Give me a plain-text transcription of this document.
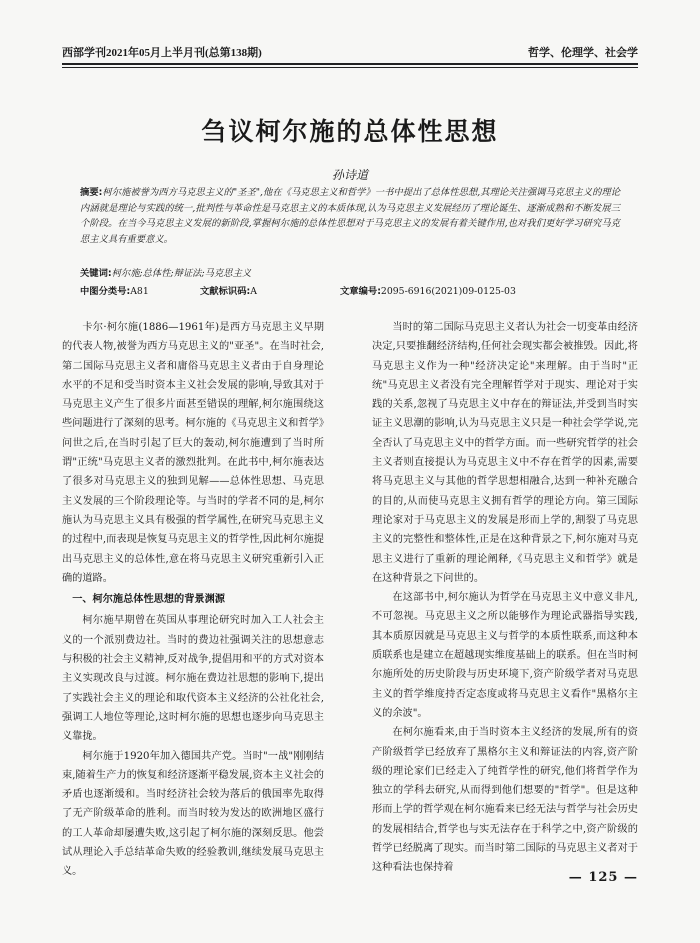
西部学刊2021年05月上半月刊(总第138期)	哲学、伦理学、社会学
刍议柯尔施的总体性思想
孙诗道
摘要:柯尔施被誉为西方马克思主义的"圣圣",他在《马克思主义和哲学》一书中提出了总体性思想,其理论关注强调马克思主义的理论内涵就是理论与实践的统一,批判性与革命性是马克思主义的本质体现,认为马克思主义发展经历了理论诞生、逐渐成熟和不断发展三个阶段。在当今马克思主义发展的新阶段,掌握柯尔施的总体性思想对于马克思主义的发展有着关键作用,也对我们更好学习研究马克思主义具有重要意义。
关键词:柯尔施;总体性;辩证法;马克思主义
中图分类号:A81	文献标识码:A	文章编号:2095-6916(2021)09-0125-03

卡尔·柯尔施(1886—1961年)是西方马克思主义早期的代表人物,被誉为西方马克思主义的"亚圣"。在当时社会,第二国际马克思主义者和庸俗马克思主义者由于自身理论水平的不足和受当时资本主义社会发展的影响,导致其对于马克思主义产生了很多片面甚至错误的理解,柯尔施围绕这些问题进行了深刻的思考。柯尔施的《马克思主义和哲学》问世之后,在当时引起了巨大的轰动,柯尔施遭到了当时所谓"正统"马克思主义者的激烈批判。在此书中,柯尔施表达了很多对马克思主义的独到见解——总体性思想、马克思主义发展的三个阶段理论等。与当时的学者不同的是,柯尔施认为马克思主义具有极强的哲学属性,在研究马克思主义的过程中,而表现是恢复马克思主义的哲学性,因此柯尔施提出马克思主义的总体性,意在将马克思主义研究重新引入正确的道路。

一、柯尔施总体性思想的背景渊源

柯尔施早期曾在英国从事理论研究时加入工人社会主义的一个派别费边社。当时的费边社强调关注的思想意志与积极的社会主义精神,反对战争,提倡用和平的方式对资本主义实现改良与过渡。柯尔施在费边社思想的影响下,提出了实践社会主义的理论和取代资本主义经济的公社化社会,强调工人地位等理论,这时柯尔施的思想也逐步向马克思主义靠拢。

柯尔施于1920年加入德国共产党。当时"一战"刚刚结束,随着生产力的恢复和经济逐渐平稳发展,资本主义社会的矛盾也逐渐缓和。当时经济社会较为落后的俄国率先取得了无产阶级革命的胜利。而当时较为发达的欧洲地区盛行的工人革命却屡遭失败,这引起了柯尔施的深刻反思。他尝试从理论入手总结革命失败的经验教训,继续发展马克思主义。

当时的第二国际马克思主义者认为社会一切变革由经济决定,只要推翻经济结构,任何社会现实都会被推毁。因此,将马克思主义作为一种"经济决定论"来理解。由于当时"正统"马克思主义者没有完全理解哲学对于现实、理论对于实践的关系,忽视了马克思主义中存在的辩证法,并受到当时实证主义思潮的影响,认为马克思主义只是一种社会学学说,完全否认了马克思主义中的哲学方面。而一些研究哲学的社会主义者则直接提认为马克思主义中不存在哲学的因素,需要将马克思主义与其他的哲学思想相融合,达到一种补充融合的目的,从而使马克思主义拥有哲学的理论方向。第三国际理论家对于马克思主义的发展是形而上学的,割裂了马克思主义的完整性和整体性,正是在这种背景之下,柯尔施对马克思主义进行了重新的理论阐释,《马克思主义和哲学》就是在这种背景之下问世的。

在这部书中,柯尔施认为哲学在马克思主义中意义非凡,不可忽视。马克思主义之所以能够作为理论武器指导实践,其本质原因就是马克思主义与哲学的本质性联系,而这种本质联系也是建立在超越现实维度基础上的联系。但在当时柯尔施所处的历史阶段与历史环境下,资产阶级学者对马克思主义的哲学维度持否定态度或将马克思主义看作"黑格尔主义的余波"。

在柯尔施看来,由于当时资本主义经济的发展,所有的资产阶级哲学已经放弃了黑格尔主义和辩证法的内容,资产阶级的理论家们已经走入了纯哲学性的研究,他们将哲学作为独立的学科去研究,从而得到他们想要的"哲学"。但是这种形而上学的哲学观在柯尔施看来已经无法与哲学与社会历史的发展相结合,哲学也与实无法存在于科学之中,资产阶级的哲学已经脱离了现实。而当时第二国际的马克思主义者对于这种看法也保持着

— 125 —
